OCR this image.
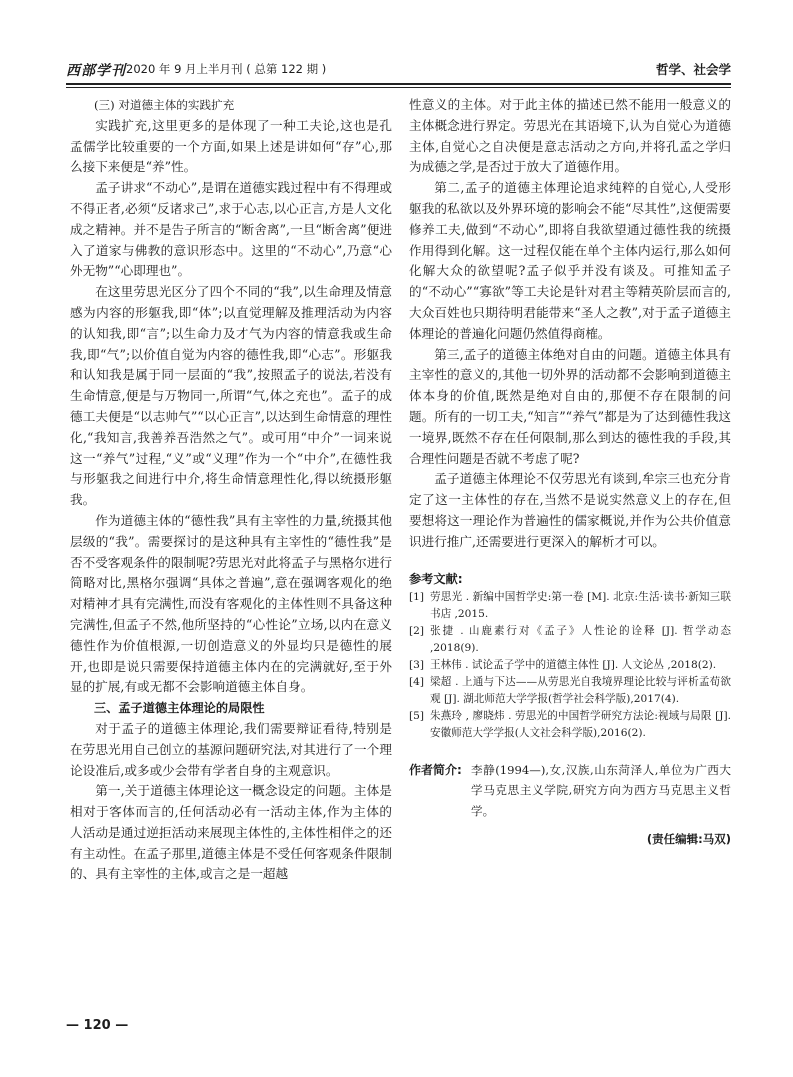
西部学刊 2020 年 9 月上半月刊 ( 总第 122 期 )	哲学、社会学
(三) 对道德主体的实践扩充

实践扩充,这里更多的是体现了一种工夫论,这也是孔孟儒学比较重要的一个方面,如果上述是讲如何“存”心,那么接下来便是“养”性。

孟子讲求“不动心”,是谓在道德实践过程中有不得理或不得正者,必须“反诸求己”,求于心志,以心正言,方是人文化成之精神。并不是告子所言的“断舍离”,一旦“断舍离”便进入了道家与佛教的意识形态中。这里的“不动心”,乃意“心外无物”“心即理也”。

在这里劳思光区分了四个不同的“我”,以生命理及情意感为内容的形躯我,即“体”;以直觉理解及推理活动为内容的认知我,即“言”;以生命力及才气为内容的情意我或生命我,即“气”;以价值自觉为内容的德性我,即“心志”。形躯我和认知我是属于同一层面的“我”,按照孟子的说法,若没有生命情意,便是与万物同一,所谓“气,体之充也”。孟子的成德工夫便是“以志帅气”“以心正言”,以达到生命情意的理性化,“我知言,我善养吾浩然之气”。或可用“中介”一词来说这一“养气”过程,“义”或“义理”作为一个“中介”,在德性我与形躯我之间进行中介,将生命情意理性化,得以统摄形躯我。

作为道德主体的“德性我”具有主宰性的力量,统摄其他层级的“我”。需要探讨的是这种具有主宰性的“德性我”是否不受客观条件的限制呢?劳思光对此将孟子与黑格尔进行简略对比,黑格尔强调“具体之普遍”,意在强调客观化的绝对精神才具有完满性,而没有客观化的主体性则不具备这种完满性,但孟子不然,他所坚持的“心性论”立场,以内在意义德性作为价值根源,一切创造意义的外显均只是德性的展开,也即是说只需要保持道德主体内在的完满就好,至于外显的扩展,有或无都不会影响道德主体自身。

三、孟子道德主体理论的局限性

对于孟子的道德主体理论,我们需要辩证看待,特别是在劳思光用自己创立的基源问题研究法,对其进行了一个理论设准后,或多或少会带有学者自身的主观意识。

第一,关于道德主体理论这一概念设定的问题。主体是相对于客体而言的,任何活动必有一活动主体,作为主体的人活动是通过逆拒活动来展现主体性的,主体性相伴之的还有主动性。在孟子那里,道德主体是不受任何客观条件限制的、具有主宰性的主体,或言之是一超越

性意义的主体。对于此主体的描述已然不能用一般意义的主体概念进行界定。劳思光在其语境下,认为自觉心为道德主体,自觉心之自决便是意志活动之方向,并将孔孟之学归为成德之学,是否过于放大了道德作用。

第二,孟子的道德主体理论追求纯粹的自觉心,人受形躯我的私欲以及外界环境的影响会不能“尽其性”,这便需要修养工夫,做到“不动心”,即将自我欲望通过德性我的统摄作用得到化解。这一过程仅能在单个主体内运行,那么如何化解大众的欲望呢?孟子似乎并没有谈及。可推知孟子的“不动心”“寡欲”等工夫论是针对君主等精英阶层而言的,大众百姓也只期待明君能带来“圣人之教”,对于孟子道德主体理论的普遍化问题仍然值得商榷。

第三,孟子的道德主体绝对自由的问题。道德主体具有主宰性的意义的,其他一切外界的活动都不会影响到道德主体本身的价值,既然是绝对自由的,那便不存在限制的问题。所有的一切工夫,“知言”“养气”都是为了达到德性我这一境界,既然不存在任何限制,那么到达的德性我的手段,其合理性问题是否就不考虑了呢?

孟子道德主体理论不仅劳思光有谈到,牟宗三也充分肯定了这一主体性的存在,当然不是说实然意义上的存在,但要想将这一理论作为普遍性的儒家概说,并作为公共价值意识进行推广,还需要进行更深入的解析才可以。

参考文献:
[1] 劳思光 . 新编中国哲学史:第一卷 [M]. 北京:生活·读书·新知三联书店 ,2015.
[2] 张捷 . 山鹿素行对《孟子》人性论的诠释 [J]. 哲学动态 ,2018(9).
[3] 王林伟 . 试论孟子学中的道德主体性 [J]. 人文论丛 ,2018(2).
[4] 梁超 . 上通与下达——从劳思光自我境界理论比较与评析孟荀欲观 [J]. 湖北师范大学学报(哲学社会科学版),2017(4).
[5] 朱燕玲 , 廖晓炜 . 劳思光的中国哲学研究方法论:视域与局限 [J]. 安徽师范大学学报(人文社会科学版),2016(2).
作者简介: 李静(1994—),女,汉族,山东菏泽人,单位为广西大学马克思主义学院,研究方向为西方马克思主义哲学。
(责任编辑:马双)
— 120 —
